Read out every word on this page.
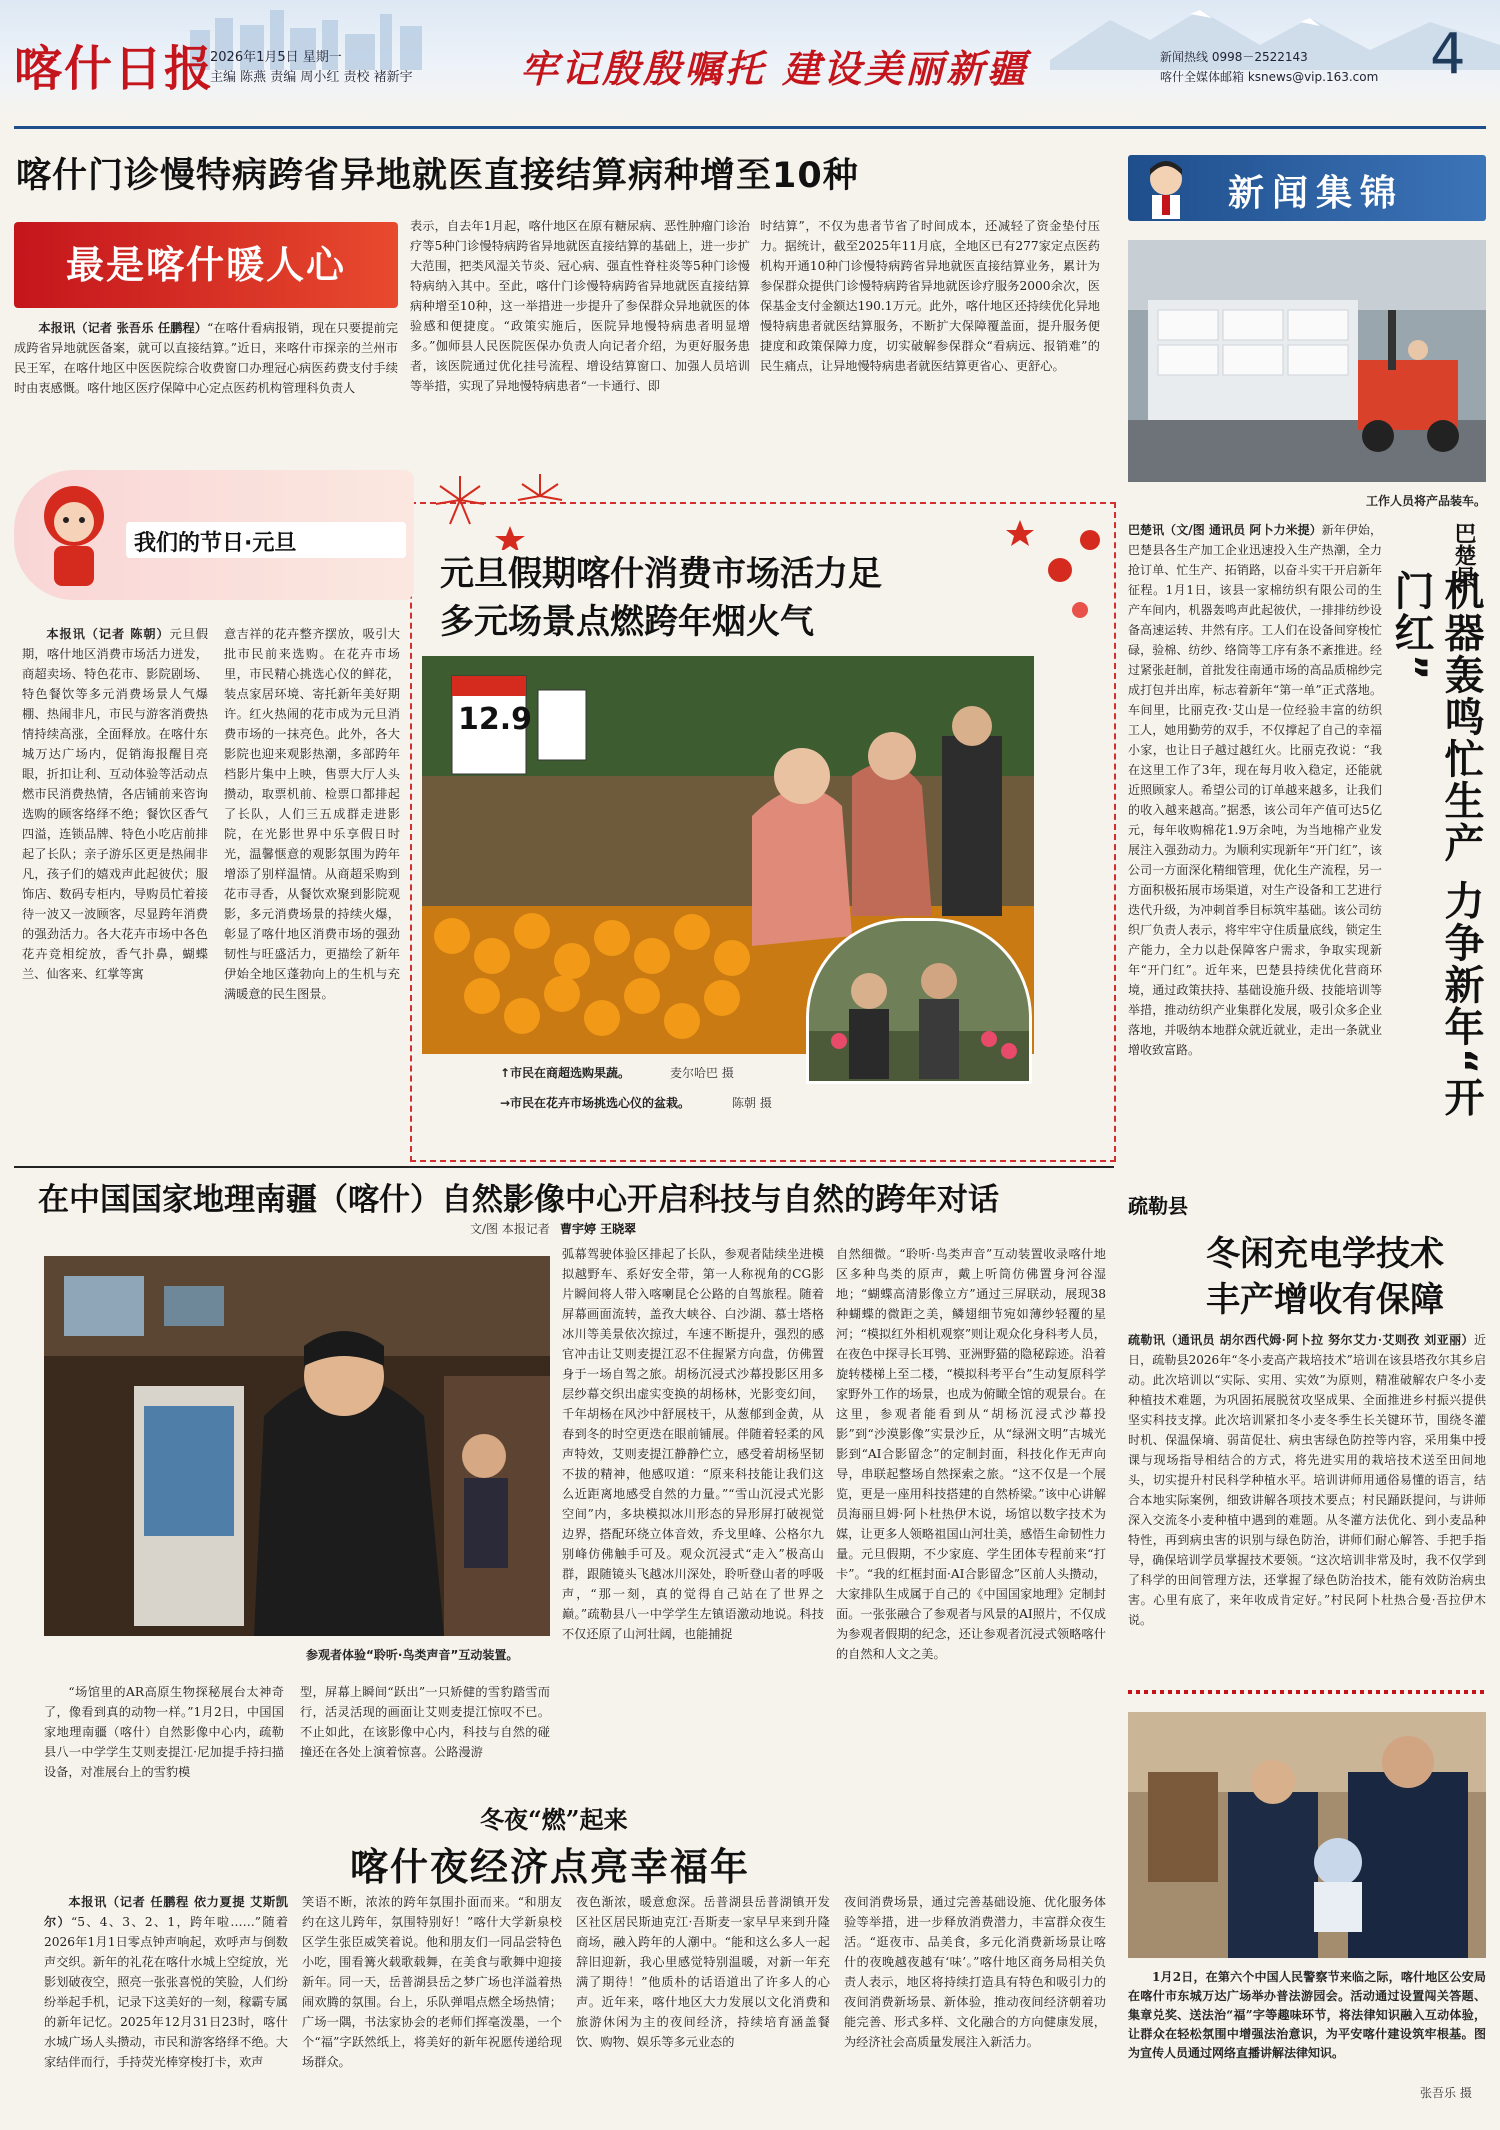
喀什日报
2026年1月5日 星期一
主编 陈燕 责编 周小红 责校 褚新宇	牢记殷殷嘱托 建设美丽新疆	新闻热线 0998－2522143
喀什全媒体邮箱 ksnews@vip.163.com 4
喀什门诊慢特病跨省异地就医直接结算病种增至10种
最是喀什暖人心
本报讯（记者 张吾乐 任鹏程）“在喀什看病报销，现在只要提前完成跨省异地就医备案，就可以直接结算。”近日，来喀什市探亲的兰州市民王军，在喀什地区中医医院综合收费窗口办理冠心病医药费支付手续时由衷感慨。喀什地区医疗保障中心定点医药机构管理科负责人
表示，自去年1月起，喀什地区在原有糖尿病、恶性肿瘤门诊治疗等5种门诊慢特病跨省异地就医直接结算的基础上，进一步扩大范围，把类风湿关节炎、冠心病、强直性脊柱炎等5种门诊慢特病纳入其中。至此，喀什门诊慢特病跨省异地就医直接结算病种增至10种，这一举措进一步提升了参保群众异地就医的体验感和便捷度。“政策实施后，医院异地慢特病患者明显增多。”伽师县人民医院医保办负责人向记者介绍，为更好服务患者，该医院通过优化挂号流程、增设结算窗口、加强人员培训等举措，实现了异地慢特病患者“一卡通行、即
时结算”，不仅为患者节省了时间成本，还减轻了资金垫付压力。据统计，截至2025年11月底，全地区已有277家定点医药机构开通10种门诊慢特病跨省异地就医直接结算业务，累计为参保群众提供门诊慢特病跨省异地就医诊疗服务2000余次，医保基金支付金额达190.1万元。此外，喀什地区还持续优化异地慢特病患者就医结算服务，不断扩大保障覆盖面，提升服务便捷度和政策保障力度，切实破解参保群众“看病远、报销难”的民生痛点，让异地慢特病患者就医结算更省心、更舒心。
新闻集锦
工作人员将产品装车。
巴楚县
机器轰鸣忙生产 力争新年“开门红”
巴楚讯（文/图 通讯员 阿卜力米提）新年伊始，巴楚县各生产加工企业迅速投入生产热潮，全力抢订单、忙生产、拓销路，以奋斗实干开启新年征程。1月1日，该县一家棉纺织有限公司的生产车间内，机器轰鸣声此起彼伏，一排排纺纱设备高速运转、井然有序。工人们在设备间穿梭忙碌，验棉、纺纱、络筒等工序有条不紊推进。经过紧张赶制，首批发往南通市场的高品质棉纱完成打包并出库，标志着新年“第一单”正式落地。车间里，比丽克孜·艾山是一位经验丰富的纺织工人，她用勤劳的双手，不仅撑起了自己的幸福小家，也让日子越过越红火。比丽克孜说：“我在这里工作了3年，现在每月收入稳定，还能就近照顾家人。希望公司的订单越来越多，让我们的收入越来越高。”据悉，该公司年产值可达5亿元，每年收购棉花1.9万余吨，为当地棉产业发展注入强劲动力。为顺利实现新年“开门红”，该公司一方面深化精细管理，优化生产流程，另一方面积极拓展市场渠道，对生产设备和工艺进行迭代升级，为冲刺首季目标筑牢基础。该公司纺织厂负责人表示，将牢牢守住质量底线，锁定生产能力，全力以赴保障客户需求，争取实现新年“开门红”。近年来，巴楚县持续优化营商环境，通过政策扶持、基础设施升级、技能培训等举措，推动纺织产业集群化发展，吸引众多企业落地，并吸纳本地群众就近就业，走出一条就业增收致富路。
疏勒县
冬闲充电学技术
丰产增收有保障
疏勒讯（通讯员 胡尔西代姆·阿卜拉 努尔艾力·艾则孜 刘亚丽）近日，疏勒县2026年“冬小麦高产栽培技术”培训在该县塔孜尔其乡启动。此次培训以“实际、实用、实效”为原则，精准破解农户冬小麦种植技术难题，为巩固拓展脱贫攻坚成果、全面推进乡村振兴提供坚实科技支撑。此次培训紧扣冬小麦冬季生长关键环节，围绕冬灌时机、保温保墒、弱苗促壮、病虫害绿色防控等内容，采用集中授课与现场指导相结合的方式，将先进实用的栽培技术送至田间地头，切实提升村民科学种植水平。培训讲师用通俗易懂的语言，结合本地实际案例，细致讲解各项技术要点；村民踊跃提问，与讲师深入交流冬小麦种植中遇到的难题。从冬灌方法优化、到小麦品种特性，再到病虫害的识别与绿色防治，讲师们耐心解答、手把手指导，确保培训学员掌握技术要领。“这次培训非常及时，我不仅学到了科学的田间管理方法，还掌握了绿色防治技术，能有效防治病虫害。心里有底了，来年收成肯定好。”村民阿卜杜热合曼·吾拉伊木说。
1月2日，在第六个中国人民警察节来临之际，喀什地区公安局在喀什市东城万达广场举办普法游园会。活动通过设置闯关答题、集章兑奖、送法治“福”字等趣味环节，将法律知识融入互动体验，让群众在轻松氛围中增强法治意识，为平安喀什建设筑牢根基。图为宣传人员通过网络直播讲解法律知识。
张吾乐 摄
我们的节日·元旦
元旦假期喀什消费市场活力足
多元场景点燃跨年烟火气
本报讯（记者 陈朝）元旦假期，喀什地区消费市场活力迸发，商超卖场、特色花市、影院剧场、特色餐饮等多元消费场景人气爆棚、热闹非凡，市民与游客消费热情持续高涨，全面释放。在喀什东城万达广场内，促销海报醒目亮眼，折扣让利、互动体验等活动点燃市民消费热情，各店铺前来咨询选购的顾客络绎不绝；餐饮区香气四溢，连锁品牌、特色小吃店前排起了长队；亲子游乐区更是热闹非凡，孩子们的嬉戏声此起彼伏；服饰店、数码专柜内，导购员忙着接待一波又一波顾客，尽显跨年消费的强劲活力。各大花卉市场中各色花卉竞相绽放，香气扑鼻，蝴蝶兰、仙客来、红掌等寓
意吉祥的花卉整齐摆放，吸引大批市民前来选购。在花卉市场里，市民精心挑选心仪的鲜花，装点家居环境、寄托新年美好期许。红火热闹的花市成为元旦消费市场的一抹亮色。此外，各大影院也迎来观影热潮，多部跨年档影片集中上映，售票大厅人头攒动，取票机前、检票口都排起了长队，人们三五成群走进影院，在光影世界中乐享假日时光，温馨惬意的观影氛围为跨年增添了别样温情。从商超采购到花市寻香，从餐饮欢聚到影院观影，多元消费场景的持续火爆，彰显了喀什地区消费市场的强劲韧性与旺盛活力，更描绘了新年伊始全地区蓬勃向上的生机与充满暖意的民生图景。
12.9
↑市民在商超选购果蔬。	麦尔哈巴 摄
→市民在花卉市场挑选心仪的盆栽。	陈朝 摄
在中国国家地理南疆（喀什）自然影像中心开启科技与自然的跨年对话
文/图 本报记者 曹宇婷 王晓翠
参观者体验“聆听·鸟类声音”互动装置。
“场馆里的AR高原生物探秘展台太神奇了，像看到真的动物一样。”1月2日，中国国家地理南疆（喀什）自然影像中心内，疏勒县八一中学学生艾则麦提江·尼加提手持扫描设备，对准展台上的雪豹模
型，屏幕上瞬间“跃出”一只矫健的雪豹踏雪而行，活灵活现的画面让艾则麦提江惊叹不已。不止如此，在该影像中心内，科技与自然的碰撞还在各处上演着惊喜。公路漫游
弧幕驾驶体验区排起了长队，参观者陆续坐进模拟越野车、系好安全带，第一人称视角的CG影片瞬间将人带入喀喇昆仑公路的自驾旅程。随着屏幕画面流转，盖孜大峡谷、白沙湖、慕士塔格冰川等美景依次掠过，车速不断提升，强烈的感官冲击让艾则麦提江忍不住握紧方向盘，仿佛置身于一场自驾之旅。胡杨沉浸式沙幕投影区用多层纱幕交织出虚实变换的胡杨林，光影变幻间，千年胡杨在风沙中舒展枝干，从葱郁到金黄，从春到冬的时空更迭在眼前铺展。伴随着轻柔的风声特效，艾则麦提江静静伫立，感受着胡杨坚韧不拔的精神，他感叹道：“原来科技能让我们这么近距离地感受自然的力量。”“雪山沉浸式光影空间”内，多块模拟冰川形态的异形屏打破视觉边界，搭配环绕立体音效，乔戈里峰、公格尔九别峰仿佛触手可及。观众沉浸式“走入”极高山群，跟随镜头飞越冰川深处，聆听登山者的呼吸声，“那一刻，真的觉得自己站在了世界之巅。”疏勒县八一中学学生左镇语激动地说。科技不仅还原了山河壮阔，也能捕捉
自然细微。“聆听·鸟类声音”互动装置收录喀什地区多种鸟类的原声，戴上听筒仿佛置身河谷湿地；“蝴蝶高清影像立方”通过三屏联动，展现38种蝴蝶的微距之美，鳞翅细节宛如薄纱轻覆的星河；“模拟红外相机观察”则让观众化身科考人员，在夜色中探寻长耳鸮、亚洲野猫的隐秘踪迹。沿着旋转楼梯上至二楼，“模拟科考平台”生动复原科学家野外工作的场景，也成为俯瞰全馆的观景台。在这里，参观者能看到从“胡杨沉浸式沙幕投影”到“沙漠影像”实景沙丘，从“绿洲文明”古城光影到“AI合影留念”的定制封面，科技化作无声向导，串联起整场自然探索之旅。“这不仅是一个展览，更是一座用科技搭建的自然桥梁。”该中心讲解员海丽旦姆·阿卜杜热伊木说，场馆以数字技术为媒，让更多人领略祖国山河壮美，感悟生命韧性力量。元旦假期，不少家庭、学生团体专程前来“打卡”。“我的红框封面·AI合影留念”区前人头攒动，大家排队生成属于自己的《中国国家地理》定制封面。一张张融合了参观者与风景的AI照片，不仅成为参观者假期的纪念，还让参观者沉浸式领略喀什的自然和人文之美。
冬夜“燃”起来
喀什夜经济点亮幸福年
本报讯（记者 任鹏程 依力夏提 艾斯凯尔）“5、4、3、2、1，跨年啦……”随着2026年1月1日零点钟声响起，欢呼声与倒数声交织。新年的礼花在喀什水城上空绽放，光影划破夜空，照亮一张张喜悦的笑脸，人们纷纷举起手机，记录下这美好的一刻，稼霸专属的新年记忆。2025年12月31日23时，喀什水城广场人头攒动，市民和游客络绎不绝。大家结伴而行，手持荧光棒穿梭打卡，欢声
笑语不断，浓浓的跨年氛围扑面而来。“和朋友约在这儿跨年，氛围特别好！”喀什大学新泉校区学生张臣威笑着说。他和朋友们一同品尝特色小吃，围看篝火载歌载舞，在美食与歌舞中迎接新年。同一天，岳普湖县岳之梦广场也洋溢着热闹欢腾的氛围。台上，乐队弹唱点燃全场热情；广场一隅，书法家协会的老师们挥毫泼墨，一个个“福”字跃然纸上，将美好的新年祝愿传递给现场群众。
夜色渐浓，暖意愈深。岳普湖县岳普湖镇开发区社区居民斯迪克江·吾斯麦一家早早来到升隆商场，融入跨年的人潮中。“能和这么多人一起辞旧迎新，我心里感觉特别温暖，对新一年充满了期待！”他质朴的话语道出了许多人的心声。近年来，喀什地区大力发展以文化消费和旅游休闲为主的夜间经济，持续培育涵盖餐饮、购物、娱乐等多元业态的
夜间消费场景，通过完善基础设施、优化服务体验等举措，进一步释放消费潜力，丰富群众夜生活。“逛夜市、品美食，多元化消费新场景让喀什的夜晚越夜越有‘味’。”喀什地区商务局相关负责人表示，地区将持续打造具有特色和吸引力的夜间消费新场景、新体验，推动夜间经济朝着功能完善、形式多样、文化融合的方向健康发展，为经济社会高质量发展注入新活力。
